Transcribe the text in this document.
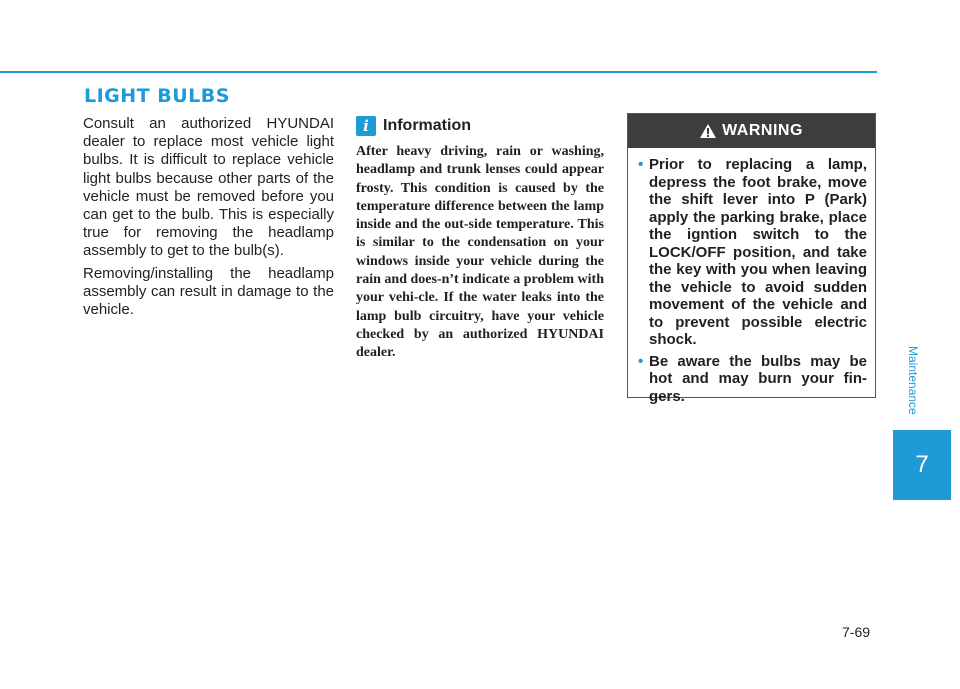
LIGHT BULBS

Consult an authorized HYUNDAI dealer to replace most vehicle light bulbs. It is difficult to replace vehicle light bulbs because other parts of the vehicle must be removed before you can get to the bulb. This is especially true for removing the headlamp assembly to get to the bulb(s).

Removing/installing the headlamp assembly can result in damage to the vehicle.

i Information

After heavy driving, rain or washing, headlamp and trunk lenses could appear frosty. This condition is caused by the temperature difference between the lamp inside and the out-side temperature. This is similar to the condensation on your windows inside your vehicle during the rain and does-n’t indicate a problem with your vehi-cle. If the water leaks into the lamp bulb circuitry, have your vehicle checked by an authorized HYUNDAI dealer.

WARNING
• Prior to replacing a lamp, depress the foot brake, move the shift lever into P (Park) apply the parking brake, place the igntion switch to the LOCK/OFF position, and take the key with you when leaving the vehicle to avoid sudden movement of the vehicle and to prevent possible electric shock.
• Be aware the bulbs may be hot and may burn your fin-gers.	Maintenance
7
7-69
